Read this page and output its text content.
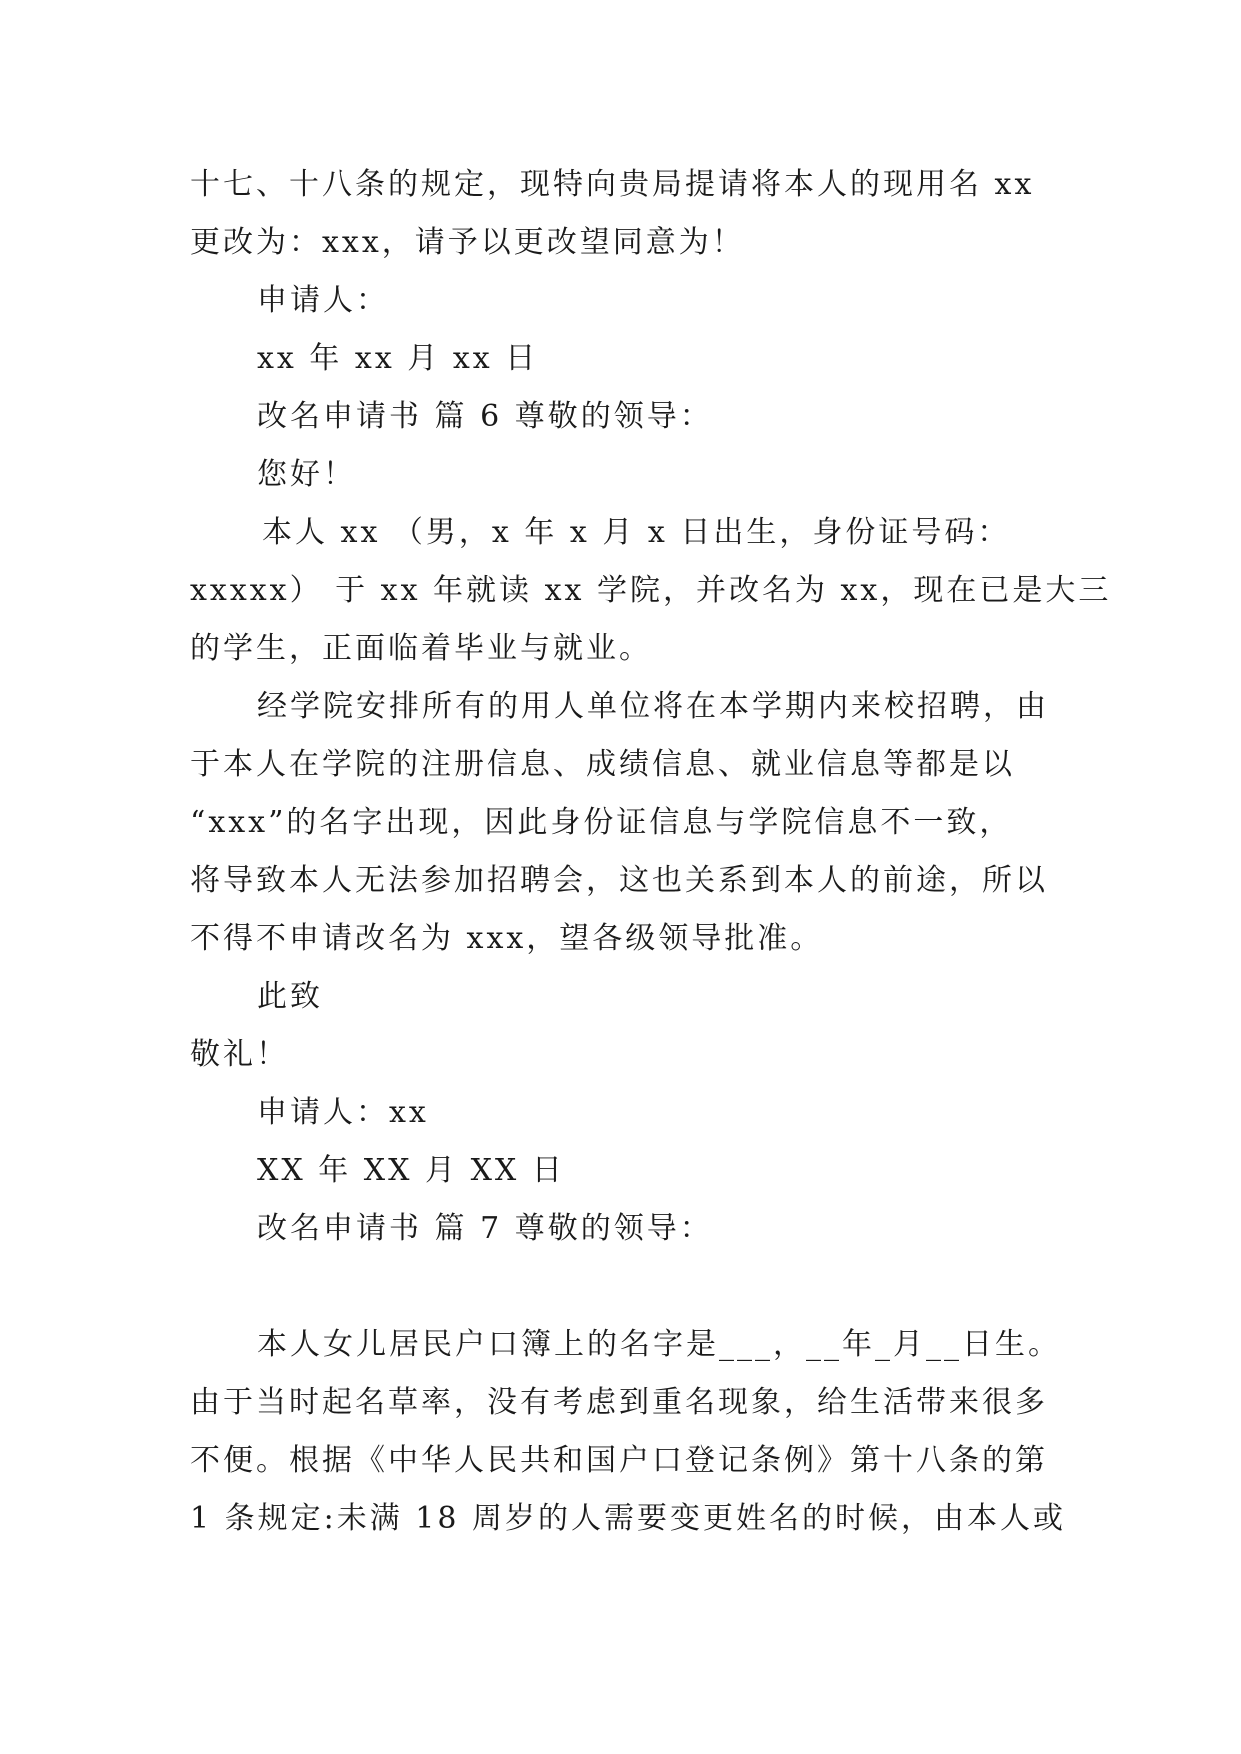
十七、十八条的规定，现特向贵局提请将本人的现用名 xx
更改为：xxx，请予以更改望同意为！
申请人：
xx 年 xx 月 xx 日
改名申请书 篇 6 尊敬的领导：
您好！
本人 xx （男，x 年 x 月 x 日出生，身份证号码：
xxxxx） 于 xx 年就读 xx 学院，并改名为 xx，现在已是大三
的学生，正面临着毕业与就业。
经学院安排所有的用人单位将在本学期内来校招聘，由
于本人在学院的注册信息、成绩信息、就业信息等都是以
“xxx”的名字出现，因此身份证信息与学院信息不一致，
将导致本人无法参加招聘会，这也关系到本人的前途，所以
不得不申请改名为 xxx，望各级领导批准。
此致
敬礼！
申请人：xx
XX 年 XX 月 XX 日
改名申请书 篇 7 尊敬的领导：
本人女儿居民户口簿上的名字是___，__年_月__日生。
由于当时起名草率，没有考虑到重名现象，给生活带来很多
不便。根据《中华人民共和国户口登记条例》第十八条的第
1 条规定:未满 18 周岁的人需要变更姓名的时候，由本人或
